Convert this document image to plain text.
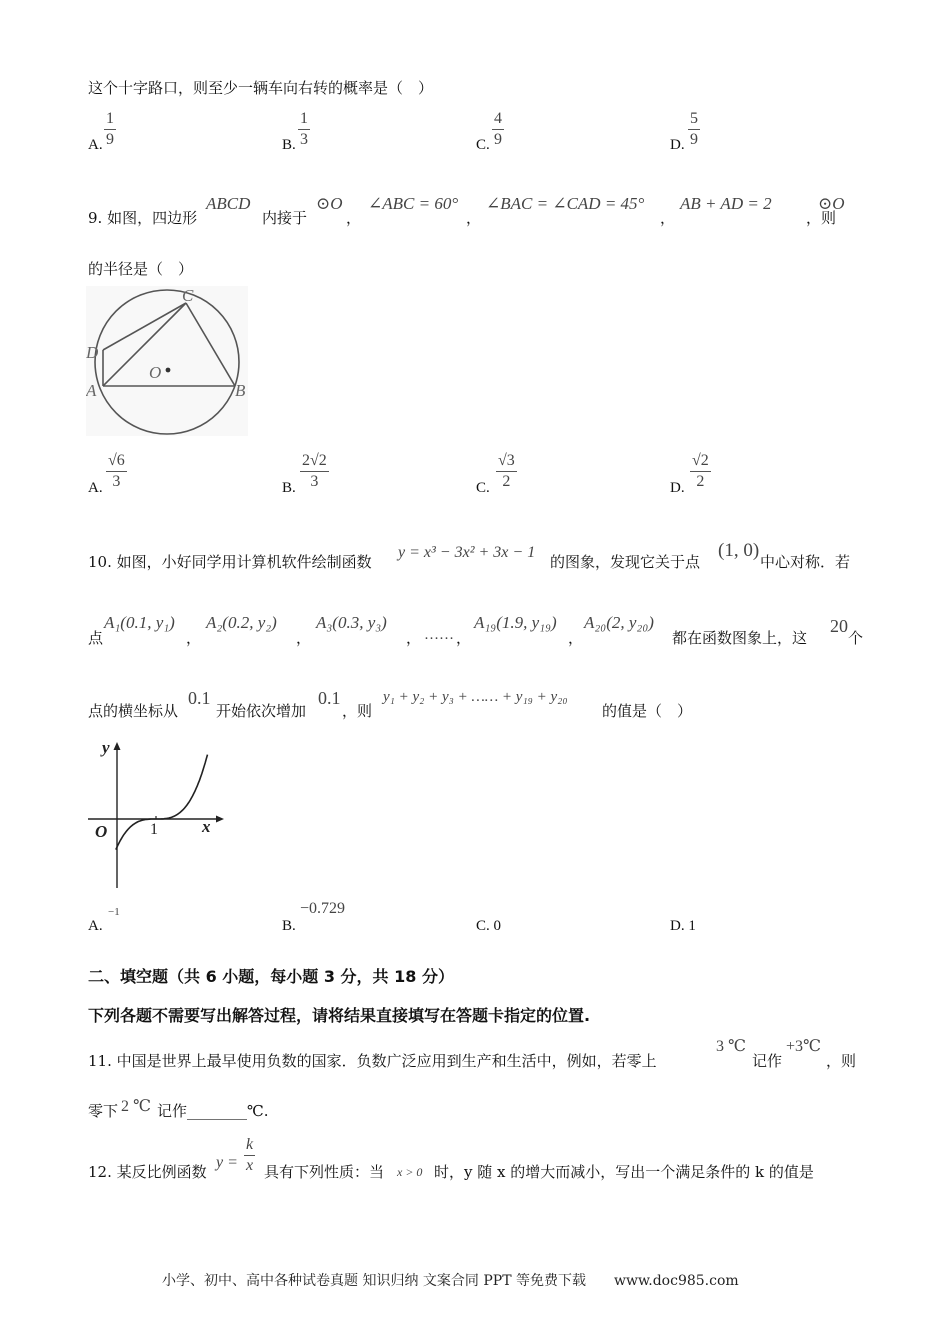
这个十字路口，则至少一辆车向右转的概率是（　）
A.
1
9	B.
1
3	C.
4
9	D.
5
9
9. 如图，四边形
ABCD
内接于
⊙O
，
∠ABC = 60°
，
∠BAC = ∠CAD = 45°
，
AB + AD = 2
，则
⊙O
的半径是（　）
C
D
A
O
B
A.
√6
3	B.
2√2
3	C.
√3
2	D.
√2
2
10. 如图，小好同学用计算机软件绘制函数
y = x³ − 3x² + 3x − 1
的图象，发现它关于点
(1, 0)
中心对称．若
点
A₁(0.1, y₁)
，
A₂(0.2, y₂)
，
A₃(0.3, y₃)
， …… ，
A₁₉(1.9, y₁₉)
，
A₂₀(2, y₂₀)
都在函数图象上，这
20
个
点的横坐标从
0.1
开始依次增加
0.1
，则
y₁ + y₂ + y₃ + …… + y₁₉ + y₂₀
的值是（　）
y
O	1	x
A.
−1
B.
−0.729
C. 0	D. 1
二、填空题（共 6 小题，每小题 3 分，共 18 分）
下列各题不需要写出解答过程，请将结果直接填写在答题卡指定的位置.
11. 中国是世界上最早使用负数的国家．负数广泛应用到生产和生活中，例如，若零上
3 ℃
记作
+3℃
，则
零下 2 ℃ 记作________℃.
12. 某反比例函数
y =
k
x 具有下列性质：当 x > 0 时，y 随 x 的增大而减小，写出一个满足条件的 k 的值是
小学、初中、高中各种试卷真题 知识归纳 文案合同 PPT 等免费下载　　www.doc985.com
